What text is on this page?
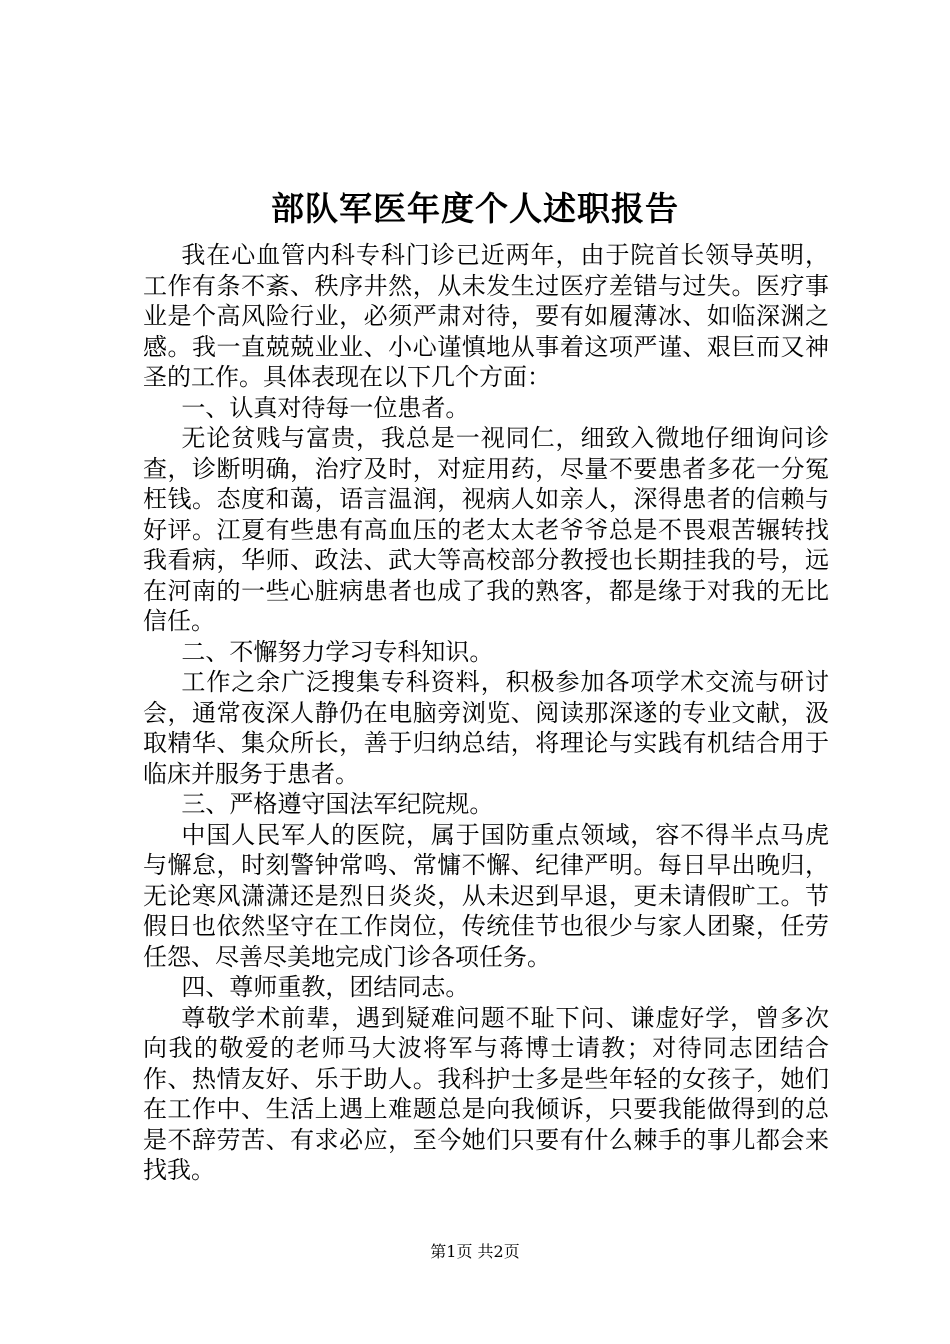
部队军医年度个人述职报告

我在心血管内科专科门诊已近两年，由于院首长领导英明，工作有条不紊、秩序井然，从未发生过医疗差错与过失。医疗事业是个高风险行业，必须严肃对待，要有如履薄冰、如临深渊之感。我一直兢兢业业、小心谨慎地从事着这项严谨、艰巨而又神圣的工作。具体表现在以下几个方面：

一、认真对待每一位患者。

无论贫贱与富贵，我总是一视同仁，细致入微地仔细询问诊查，诊断明确，治疗及时，对症用药，尽量不要患者多花一分冤枉钱。态度和蔼，语言温润，视病人如亲人，深得患者的信赖与好评。江夏有些患有高血压的老太太老爷爷总是不畏艰苦辗转找我看病，华师、政法、武大等高校部分教授也长期挂我的号，远在河南的一些心脏病患者也成了我的熟客，都是缘于对我的无比信任。

二、不懈努力学习专科知识。

工作之余广泛搜集专科资料，积极参加各项学术交流与研讨会，通常夜深人静仍在电脑旁浏览、阅读那深遂的专业文献，汲取精华、集众所长，善于归纳总结，将理论与实践有机结合用于临床并服务于患者。

三、严格遵守国法军纪院规。

中国人民军人的医院，属于国防重点领域，容不得半点马虎与懈怠，时刻警钟常鸣、常慵不懈、纪律严明。每日早出晚归，无论寒风潇潇还是烈日炎炎，从未迟到早退，更未请假旷工。节假日也依然坚守在工作岗位，传统佳节也很少与家人团聚，任劳任怨、尽善尽美地完成门诊各项任务。

四、尊师重教，团结同志。

尊敬学术前辈，遇到疑难问题不耻下问、谦虚好学，曾多次向我的敬爱的老师马大波将军与蒋博士请教；对待同志团结合作、热情友好、乐于助人。我科护士多是些年轻的女孩子，她们在工作中、生活上遇上难题总是向我倾诉，只要我能做得到的总是不辞劳苦、有求必应，至今她们只要有什么棘手的事儿都会来找我。

第1页 共2页
